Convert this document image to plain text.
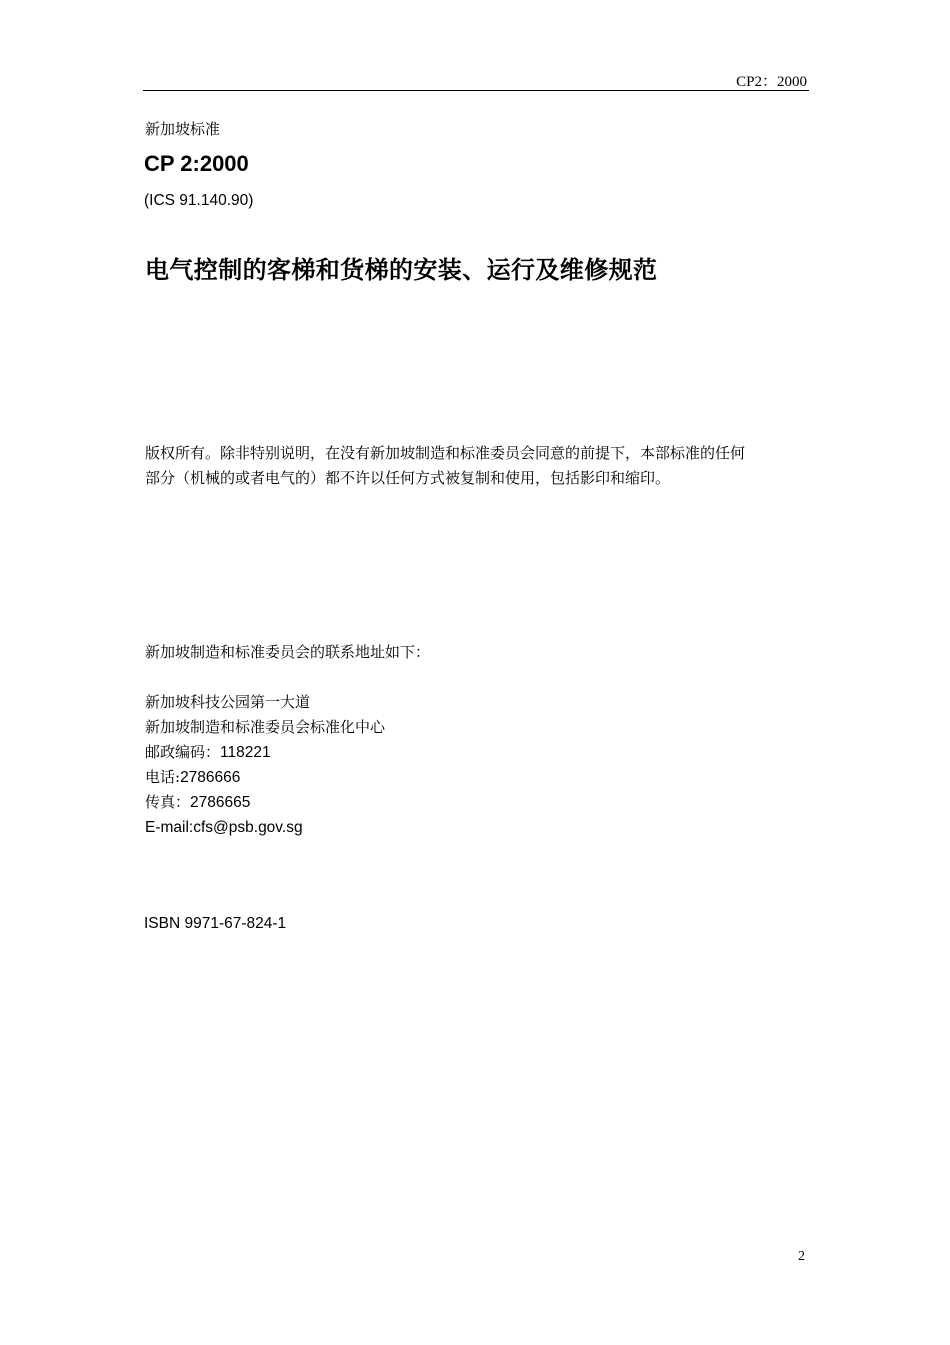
CP2：2000
新加坡标准
CP 2:2000
(ICS 91.140.90)
电气控制的客梯和货梯的安装、运行及维修规范
版权所有。除非特别说明，在没有新加坡制造和标准委员会同意的前提下，本部标准的任何
部分（机械的或者电气的）都不许以任何方式被复制和使用，包括影印和缩印。
新加坡制造和标准委员会的联系地址如下：
新加坡科技公园第一大道
新加坡制造和标准委员会标准化中心
邮政编码：118221
电话:2786666
传真：2786665
E-mail:cfs@psb.gov.sg
ISBN 9971-67-824-1
2
